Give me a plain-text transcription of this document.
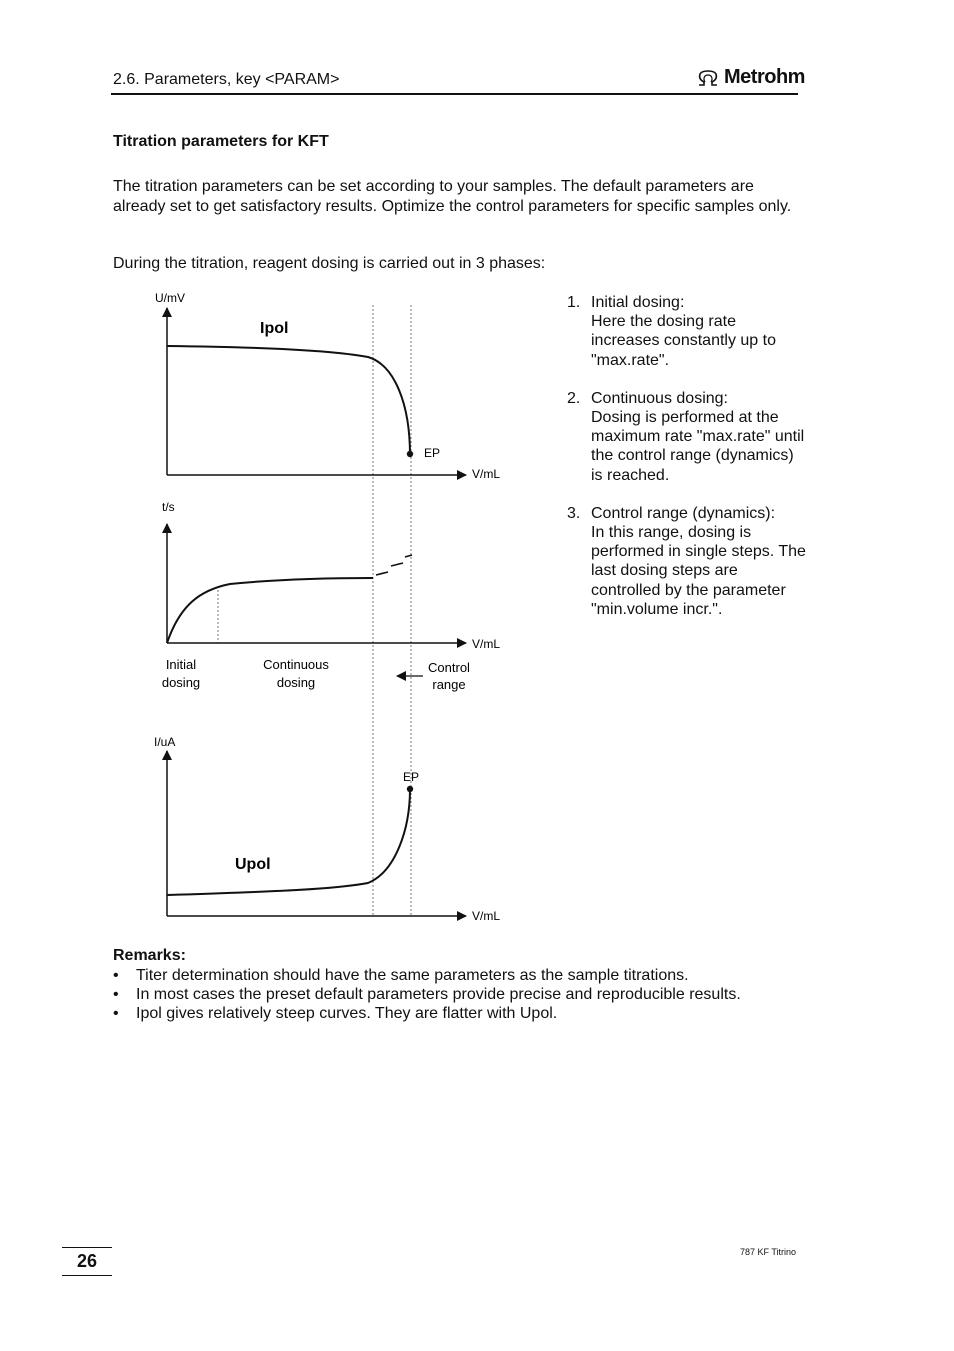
2.6. Parameters, key <PARAM>	Metrohm
Titration parameters for KFT
The titration parameters can be set according to your samples. The default parameters are already set to get satisfactory results. Optimize the control parameters for specific samples only.
During the titration, reagent dosing is carried out in 3 phases:
1. Initial dosing:
Here the dosing rate increases constantly up to "max.rate".
2. Continuous dosing:
Dosing is performed at the maximum rate "max.rate" until the control range (dynamics) is reached.
3. Control range (dynamics):
In this range, dosing is performed in single steps. The last dosing steps are controlled by the parameter "min.volume incr.".
U/mV
V/mL
Ipol
EP
t/s
V/mL
Initial
dosing
Continuous
dosing
Control
range
I/uA
V/mL
Upol
EP
Remarks:
•	Titer determination should have the same parameters as the sample titrations.
•	In most cases the preset default parameters provide precise and reproducible results.
•	Ipol gives relatively steep curves. They are flatter with Upol.
26	787 KF Titrino
